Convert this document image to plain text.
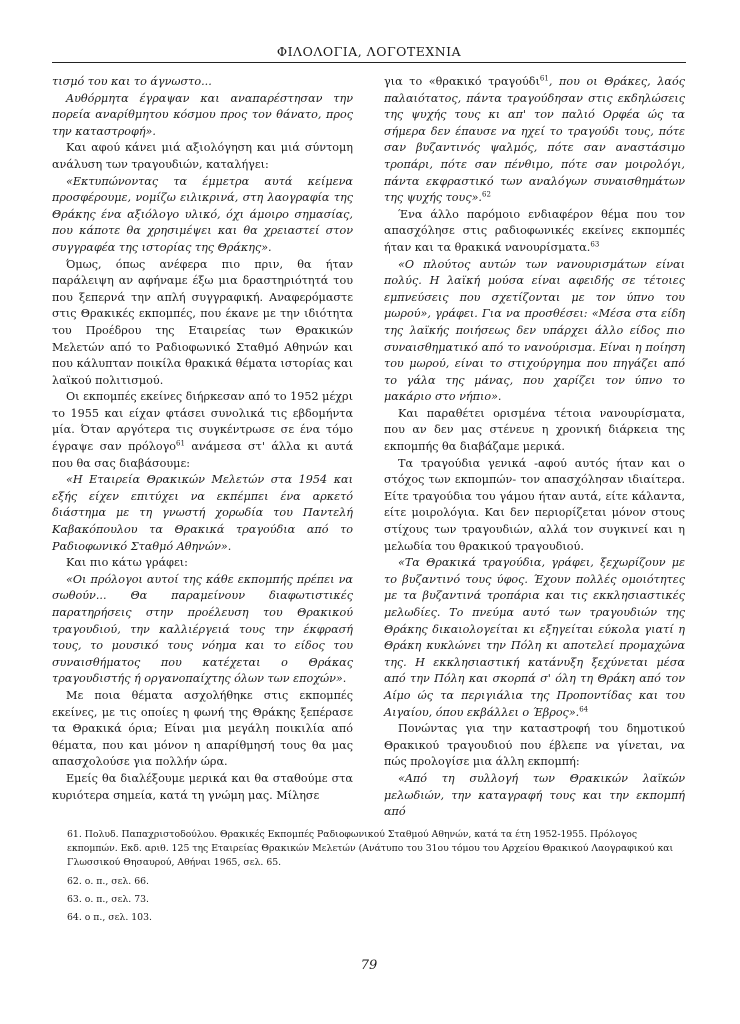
ΦΙΛΟΛΟΓΙΑ, ΛΟΓΟΤΕΧΝΙΑ

τισμό του και το άγνωστο...

Αυθόρμητα έγραψαν και αναπαρέστησαν την πορεία αναρίθμητου κόσμου προς τον θάνατο, προς την καταστροφή».

Και αφού κάνει μιά αξιολόγηση και μιά σύντομη ανάλυση των τραγουδιών, καταλήγει:

«Εκτυπώνοντας τα έμμετρα αυτά κείμενα προσφέρουμε, νομίζω ειλικρινά, στη λαογραφία της Θράκης ένα αξιόλογο υλικό, όχι άμοιρο σημασίας, που κάποτε θα χρησιμέψει και θα χρειαστεί στον συγγραφέα της ιστορίας της Θράκης».

Όμως, όπως ανέφερα πιο πριν, θα ήταν παράλειψη αν αφήναμε έξω μια δραστηριότητά του που ξεπερνά την απλή συγγραφική. Αναφερόμαστε στις Θρακικές εκπομπές, που έκανε με την ιδιότητα του Προέδρου της Εταιρείας των Θρακικών Μελετών από το Ραδιοφωνικό Σταθμό Αθηνών και που κάλυπταν ποικίλα θρακικά θέματα ιστορίας και λαϊκού πολιτισμού.

Οι εκπομπές εκείνες διήρκεσαν από το 1952 μέχρι το 1955 και είχαν φτάσει συνολικά τις εβδομήντα μία. Όταν αργότερα τις συγκέντρωσε σε ένα τόμο έγραψε σαν πρόλογο$^{61}$ ανάμεσα στ' άλλα κι αυτά που θα σας διαβάσουμε:

«Η Εταιρεία Θρακικών Μελετών στα 1954 και εξής είχεν επιτύχει να εκπέμπει ένα αρκετό διάστημα με τη γνωστή χορωδία του Παντελή Καβακόπουλου τα Θρακικά τραγούδια από το Ραδιοφωνικό Σταθμό Αθηνών».

Και πιο κάτω γράφει:

«Οι πρόλογοι αυτοί της κάθε εκπομπής πρέπει να σωθούν... Θα παραμείνουν διαφωτιστικές παρατηρήσεις στην προέλευση του Θρακικού τραγουδιού, την καλλιέργειά τους την έκφρασή τους, το μουσικό τους νόημα και το είδος του συναισθήματος που κατέχεται ο Θράκας τραγουδιστής ή οργανοπαίχτης όλων των εποχών».

Με ποια θέματα ασχολήθηκε στις εκπομπές εκείνες, με τις οποίες η φωνή της Θράκης ξεπέρασε τα Θρακικά όρια; Είναι μια μεγάλη ποικιλία από θέματα, που και μόνον η απαρίθμησή τους θα μας απασχολούσε για πολλήν ώρα.

Εμείς θα διαλέξουμε μερικά και θα σταθούμε στα κυριότερα σημεία, κατά τη γνώμη μας. Μίλησε

για το «θρακικό τραγούδι$^{61}$, που οι Θράκες, λαός παλαιότατος, πάντα τραγούδησαν στις εκδηλώσεις της ψυχής τους κι απ' τον παλιό Ορφέα ώς τα σήμερα δεν έπαυσε να ηχεί το τραγούδι τους, πότε σαν βυζαντινός ψαλμός, πότε σαν αναστάσιμο τροπάρι, πότε σαν πένθιμο, πότε σαν μοιρολόγι, πάντα εκφραστικό των αναλόγων συναισθημάτων της ψυχής τους».$^{62}$

Ένα άλλο παρόμοιο ενδιαφέρον θέμα που τον απασχόλησε στις ραδιοφωνικές εκείνες εκπομπές ήταν και τα θρακικά νανουρίσματα.$^{63}$

«Ο πλούτος αυτών των νανουρισμάτων είναι πολύς. Η λαϊκή μούσα είναι αφειδής σε τέτοιες εμπνεύσεις που σχετίζονται με τον ύπνο του μωρού», γράφει. Για να προσθέσει: «Μέσα στα είδη της λαϊκής ποιήσεως δεν υπάρχει άλλο είδος πιο συναισθηματικό από το νανούρισμα. Είναι η ποίηση του μωρού, είναι το στιχούργημα που πηγάζει από το γάλα της μάνας, που χαρίζει τον ύπνο το μακάριο στο νήπιο».

Και παραθέτει ορισμένα τέτοια νανουρίσματα, που αν δεν μας στένευε η χρονική διάρκεια της εκπομπής θα διαβάζαμε μερικά.

Τα τραγούδια γενικά -αφού αυτός ήταν και ο στόχος των εκπομπών- τον απασχόλησαν ιδιαίτερα. Είτε τραγούδια του γάμου ήταν αυτά, είτε κάλαντα, είτε μοιρολόγια. Και δεν περιορίζεται μόνον στους στίχους των τραγουδιών, αλλά τον συγκινεί και η μελωδία του θρακικού τραγουδιού.

«Τα Θρακικά τραγούδια, γράφει, ξεχωρίζουν με το βυζαντινό τους ύφος. Έχουν πολλές ομοιότητες με τα βυζαντινά τροπάρια και τις εκκλησιαστικές μελωδίες. Το πνεύμα αυτό των τραγουδιών της Θράκης δικαιολογείται κι εξηγείται εύκολα γιατί η Θράκη κυκλώνει την Πόλη κι αποτελεί προμαχώνα της. Η εκκλησιαστική κατάνυξη ξεχύνεται μέσα από την Πόλη και σκορπά σ' όλη τη Θράκη από τον Αίμο ώς τα περιγιάλια της Προποντίδας και του Αιγαίου, όπου εκβάλλει ο Έβρος».$^{64}$

Πονώντας για την καταστροφή του δημοτικού Θρακικού τραγουδιού που έβλεπε να γίνεται, να πώς προλογίσε μια άλλη εκπομπή:

«Από τη συλλογή των Θρακικών λαϊκών μελωδιών, την καταγραφή τους και την εκπομπή από

61. Πολυδ. Παπαχριστοδούλου. Θρακικές Εκπομπές Ραδιοφωνικού Σταθμού Αθηνών, κατά τα έτη 1952-1955. Πρόλογος εκπομπών. Εκδ. αριθ. 125 της Εταιρείας Θρακικών Μελετών (Ανάτυπο του 31ου τόμου του Αρχείου Θρακικού Λαογραφικού και Γλωσσικού Θησαυρού, Αθήναι 1965, σελ. 65.

62. ο. π., σελ. 66.

63. ο. π., σελ. 73.

64. ο π., σελ. 103.

79
